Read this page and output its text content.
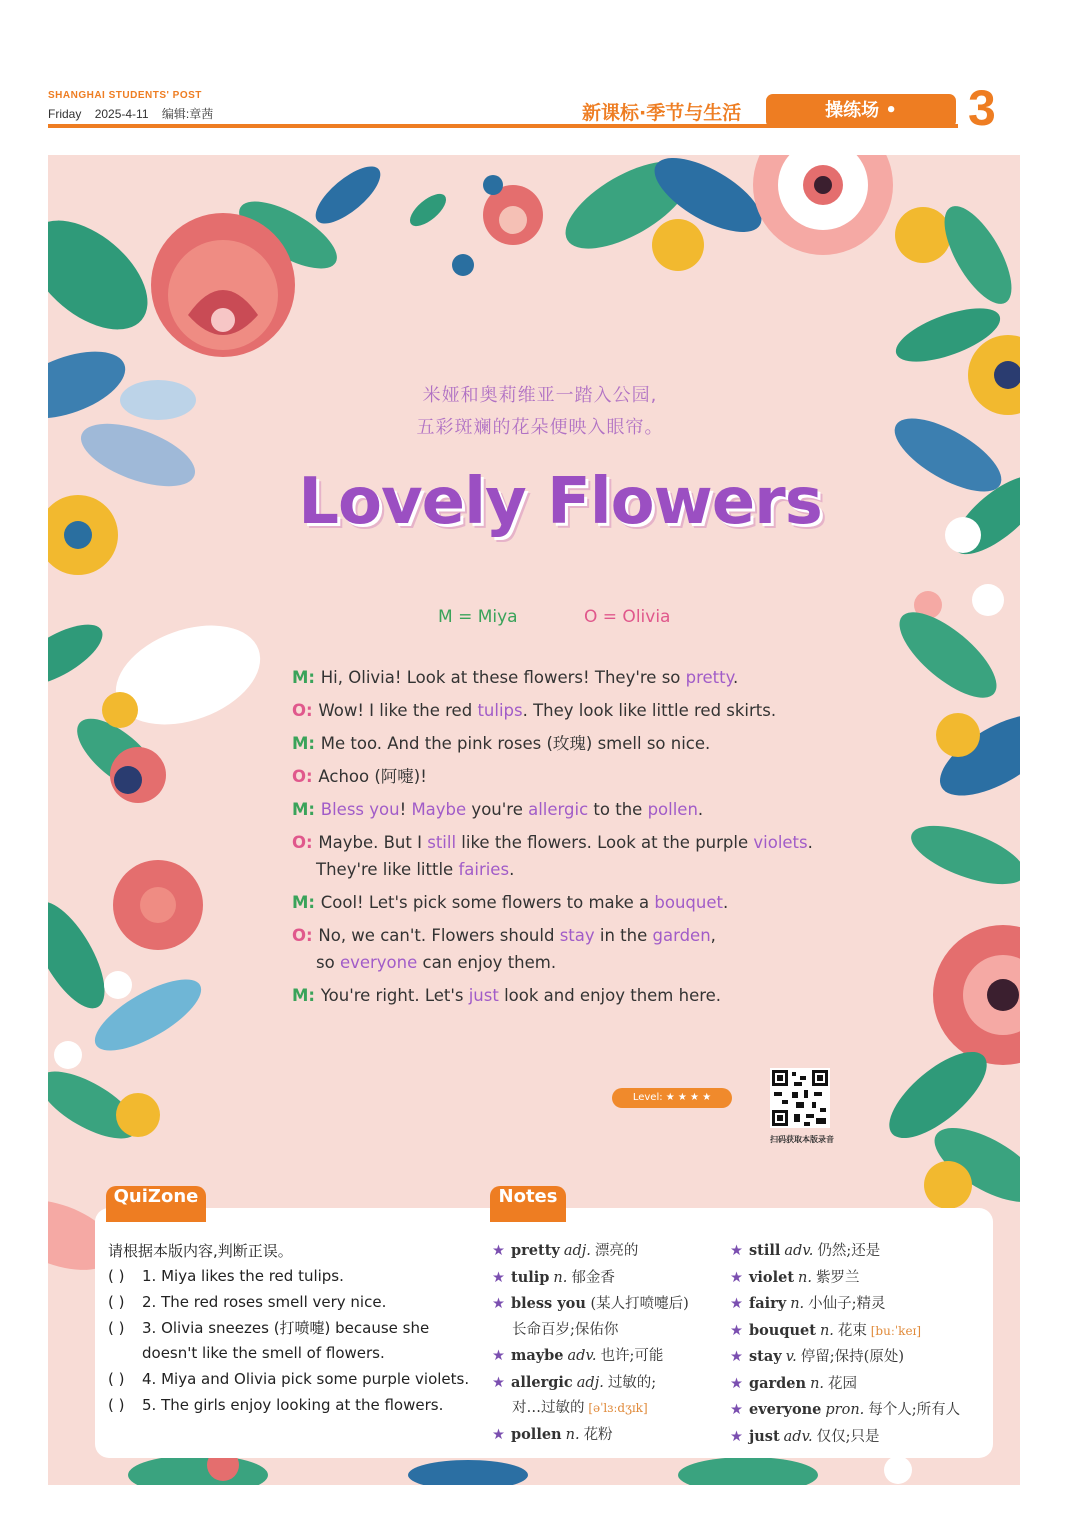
SHANGHAI STUDENTS' POST
Friday 2025-4-11 编辑:章茜	新课标·季节与生活	操练场 • Playground
3
米娅和奥莉维亚一踏入公园,
五彩斑斓的花朵便映入眼帘。
Lovely Flowers
M = Miya	O = Olivia
M: Hi, Olivia! Look at these flowers! They're so pretty.
O: Wow! I like the red tulips. They look like little red skirts.
M: Me too. And the pink roses (玫瑰) smell so nice.
O: Achoo (阿嚏)!
M: Bless you! Maybe you're allergic to the pollen.
O: Maybe. But I still like the flowers. Look at the purple violets.
They're like little fairies.
M: Cool! Let's pick some flowers to make a bouquet.
O: No, we can't. Flowers should stay in the garden,
so everyone can enjoy them.
M: You're right. Let's just look and enjoy them here.
Level: ★ ★ ★ ★
扫码获取本版录音
QuiZone	Notes
请根据本版内容,判断正误。
( ) 1. Miya likes the red tulips.
( ) 2. The red roses smell very nice.
( ) 3. Olivia sneezes (打喷嚏) because she doesn't like the smell of flowers.
( ) 4. Miya and Olivia pick some purple violets.
( ) 5. The girls enjoy looking at the flowers.
★ pretty adj. 漂亮的
★ tulip n. 郁金香
★ bless you (某人打喷嚏后)
长命百岁;保佑你
★ maybe adv. 也许;可能
★ allergic adj. 过敏的;
对…过敏的 [əˈlɜːdʒɪk]
★ pollen n. 花粉
★ still adv. 仍然;还是
★ violet n. 紫罗兰
★ fairy n. 小仙子;精灵
★ bouquet n. 花束 [buːˈkeɪ]
★ stay v. 停留;保持(原处)
★ garden n. 花园
★ everyone pron. 每个人;所有人
★ just adv. 仅仅;只是
